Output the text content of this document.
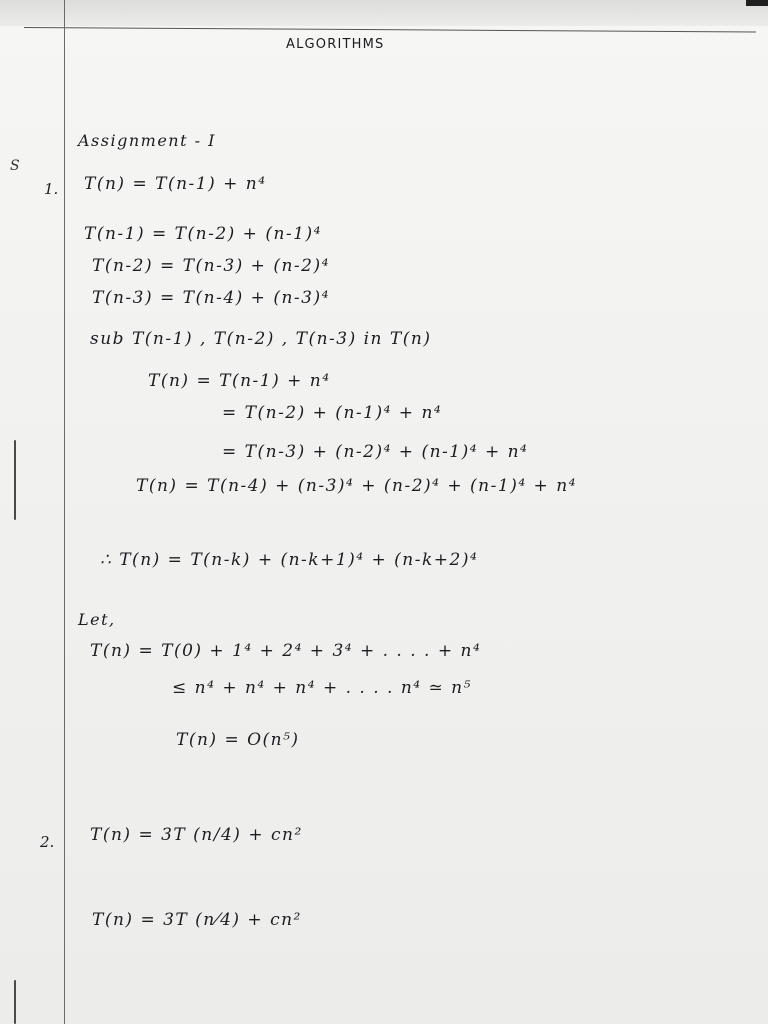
S
ALGORITHMS
Assignment - I
1. T(n) = T(n-1) + n⁴
T(n-1) = T(n-2) + (n-1)⁴
T(n-2) = T(n-3) + (n-2)⁴
T(n-3) = T(n-4) + (n-3)⁴
sub T(n-1) , T(n-2) , T(n-3) in T(n)
T(n) = T(n-1) + n⁴
= T(n-2) + (n-1)⁴ + n⁴
= T(n-3) + (n-2)⁴ + (n-1)⁴ + n⁴
T(n) = T(n-4) + (n-3)⁴ + (n-2)⁴ + (n-1)⁴ + n⁴
∴ T(n) = T(n-k) + (n-k+1)⁴ + (n-k+2)⁴
Let,
T(n) = T(0) + 1⁴ + 2⁴ + 3⁴ + . . . . + n⁴
≤ n⁴ + n⁴ + n⁴ + . . . . n⁴ ≃ n⁵
T(n) = O(n⁵)
2. T(n) = 3T (n/4) + cn²
T(n) = 3T (n⁄4) + cn²
